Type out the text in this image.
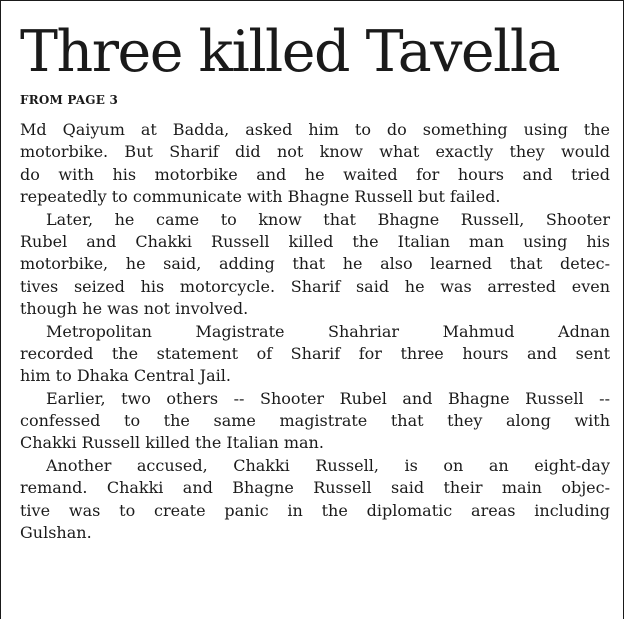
Three killed Tavella
FROM PAGE 3
Md Qaiyum at Badda, asked him to do something using the
motorbike. But Sharif did not know what exactly they would
do with his motorbike and he waited for hours and tried
repeatedly to communicate with Bhagne Russell but failed.
Later, he came to know that Bhagne Russell, Shooter
Rubel and Chakki Russell killed the Italian man using his
motorbike, he said, adding that he also learned that detec-
tives seized his motorcycle. Sharif said he was arrested even
though he was not involved.
Metropolitan Magistrate Shahriar Mahmud Adnan
recorded the statement of Sharif for three hours and sent
him to Dhaka Central Jail.
Earlier, two others -- Shooter Rubel and Bhagne Russell --
confessed to the same magistrate that they along with
Chakki Russell killed the Italian man.
Another accused, Chakki Russell, is on an eight-day
remand. Chakki and Bhagne Russell said their main objec-
tive was to create panic in the diplomatic areas including
Gulshan.
